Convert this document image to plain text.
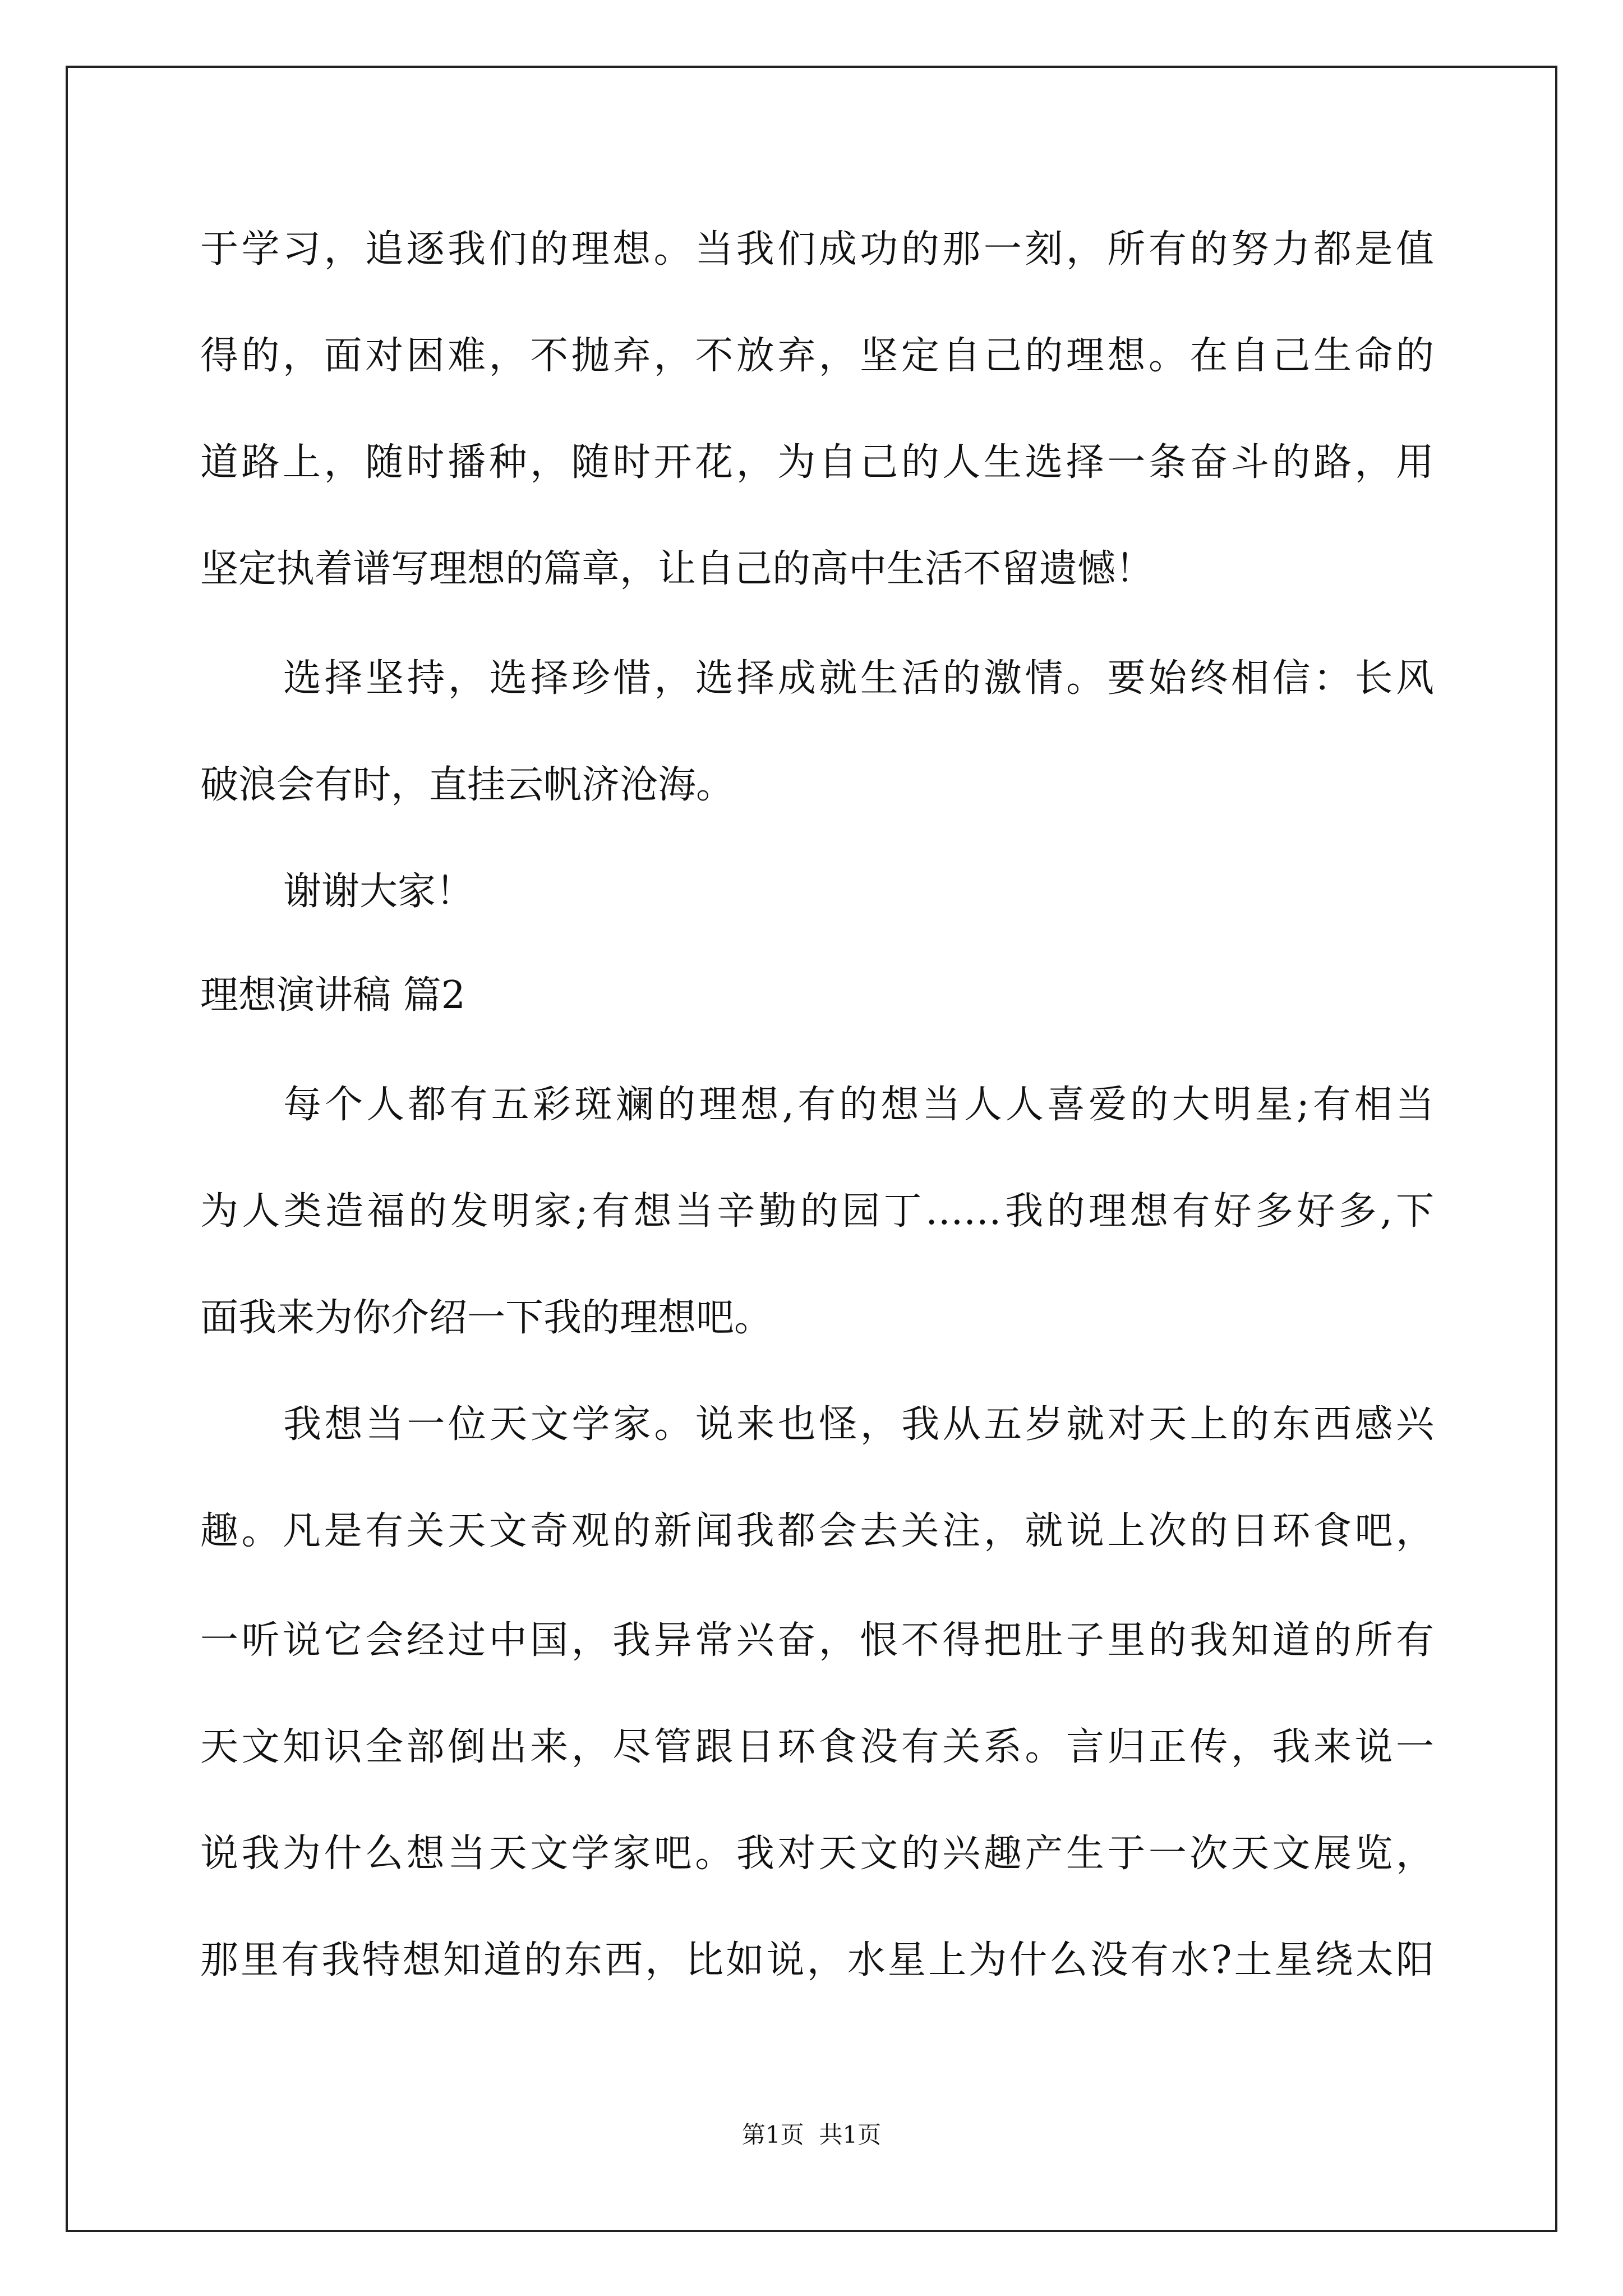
于学习，追逐我们的理想。当我们成功的那一刻，所有的努力都是值
得的，面对困难，不抛弃，不放弃，坚定自己的理想。在自己生命的
道路上，随时播种，随时开花，为自己的人生选择一条奋斗的路，用
坚定执着谱写理想的篇章，让自己的高中生活不留遗憾！
选择坚持，选择珍惜，选择成就生活的激情。要始终相信：长风
破浪会有时，直挂云帆济沧海。
谢谢大家！
理想演讲稿 篇2
每个人都有五彩斑斓的理想,有的想当人人喜爱的大明星;有相当
为人类造福的发明家;有想当辛勤的园丁……我的理想有好多好多,下
面我来为你介绍一下我的理想吧。
我想当一位天文学家。说来也怪，我从五岁就对天上的东西感兴
趣。凡是有关天文奇观的新闻我都会去关注，就说上次的日环食吧，
一听说它会经过中国，我异常兴奋，恨不得把肚子里的我知道的所有
天文知识全部倒出来，尽管跟日环食没有关系。言归正传，我来说一
说我为什么想当天文学家吧。我对天文的兴趣产生于一次天文展览，
那里有我特想知道的东西，比如说，水星上为什么没有水?土星绕太阳
第1页  共1页
